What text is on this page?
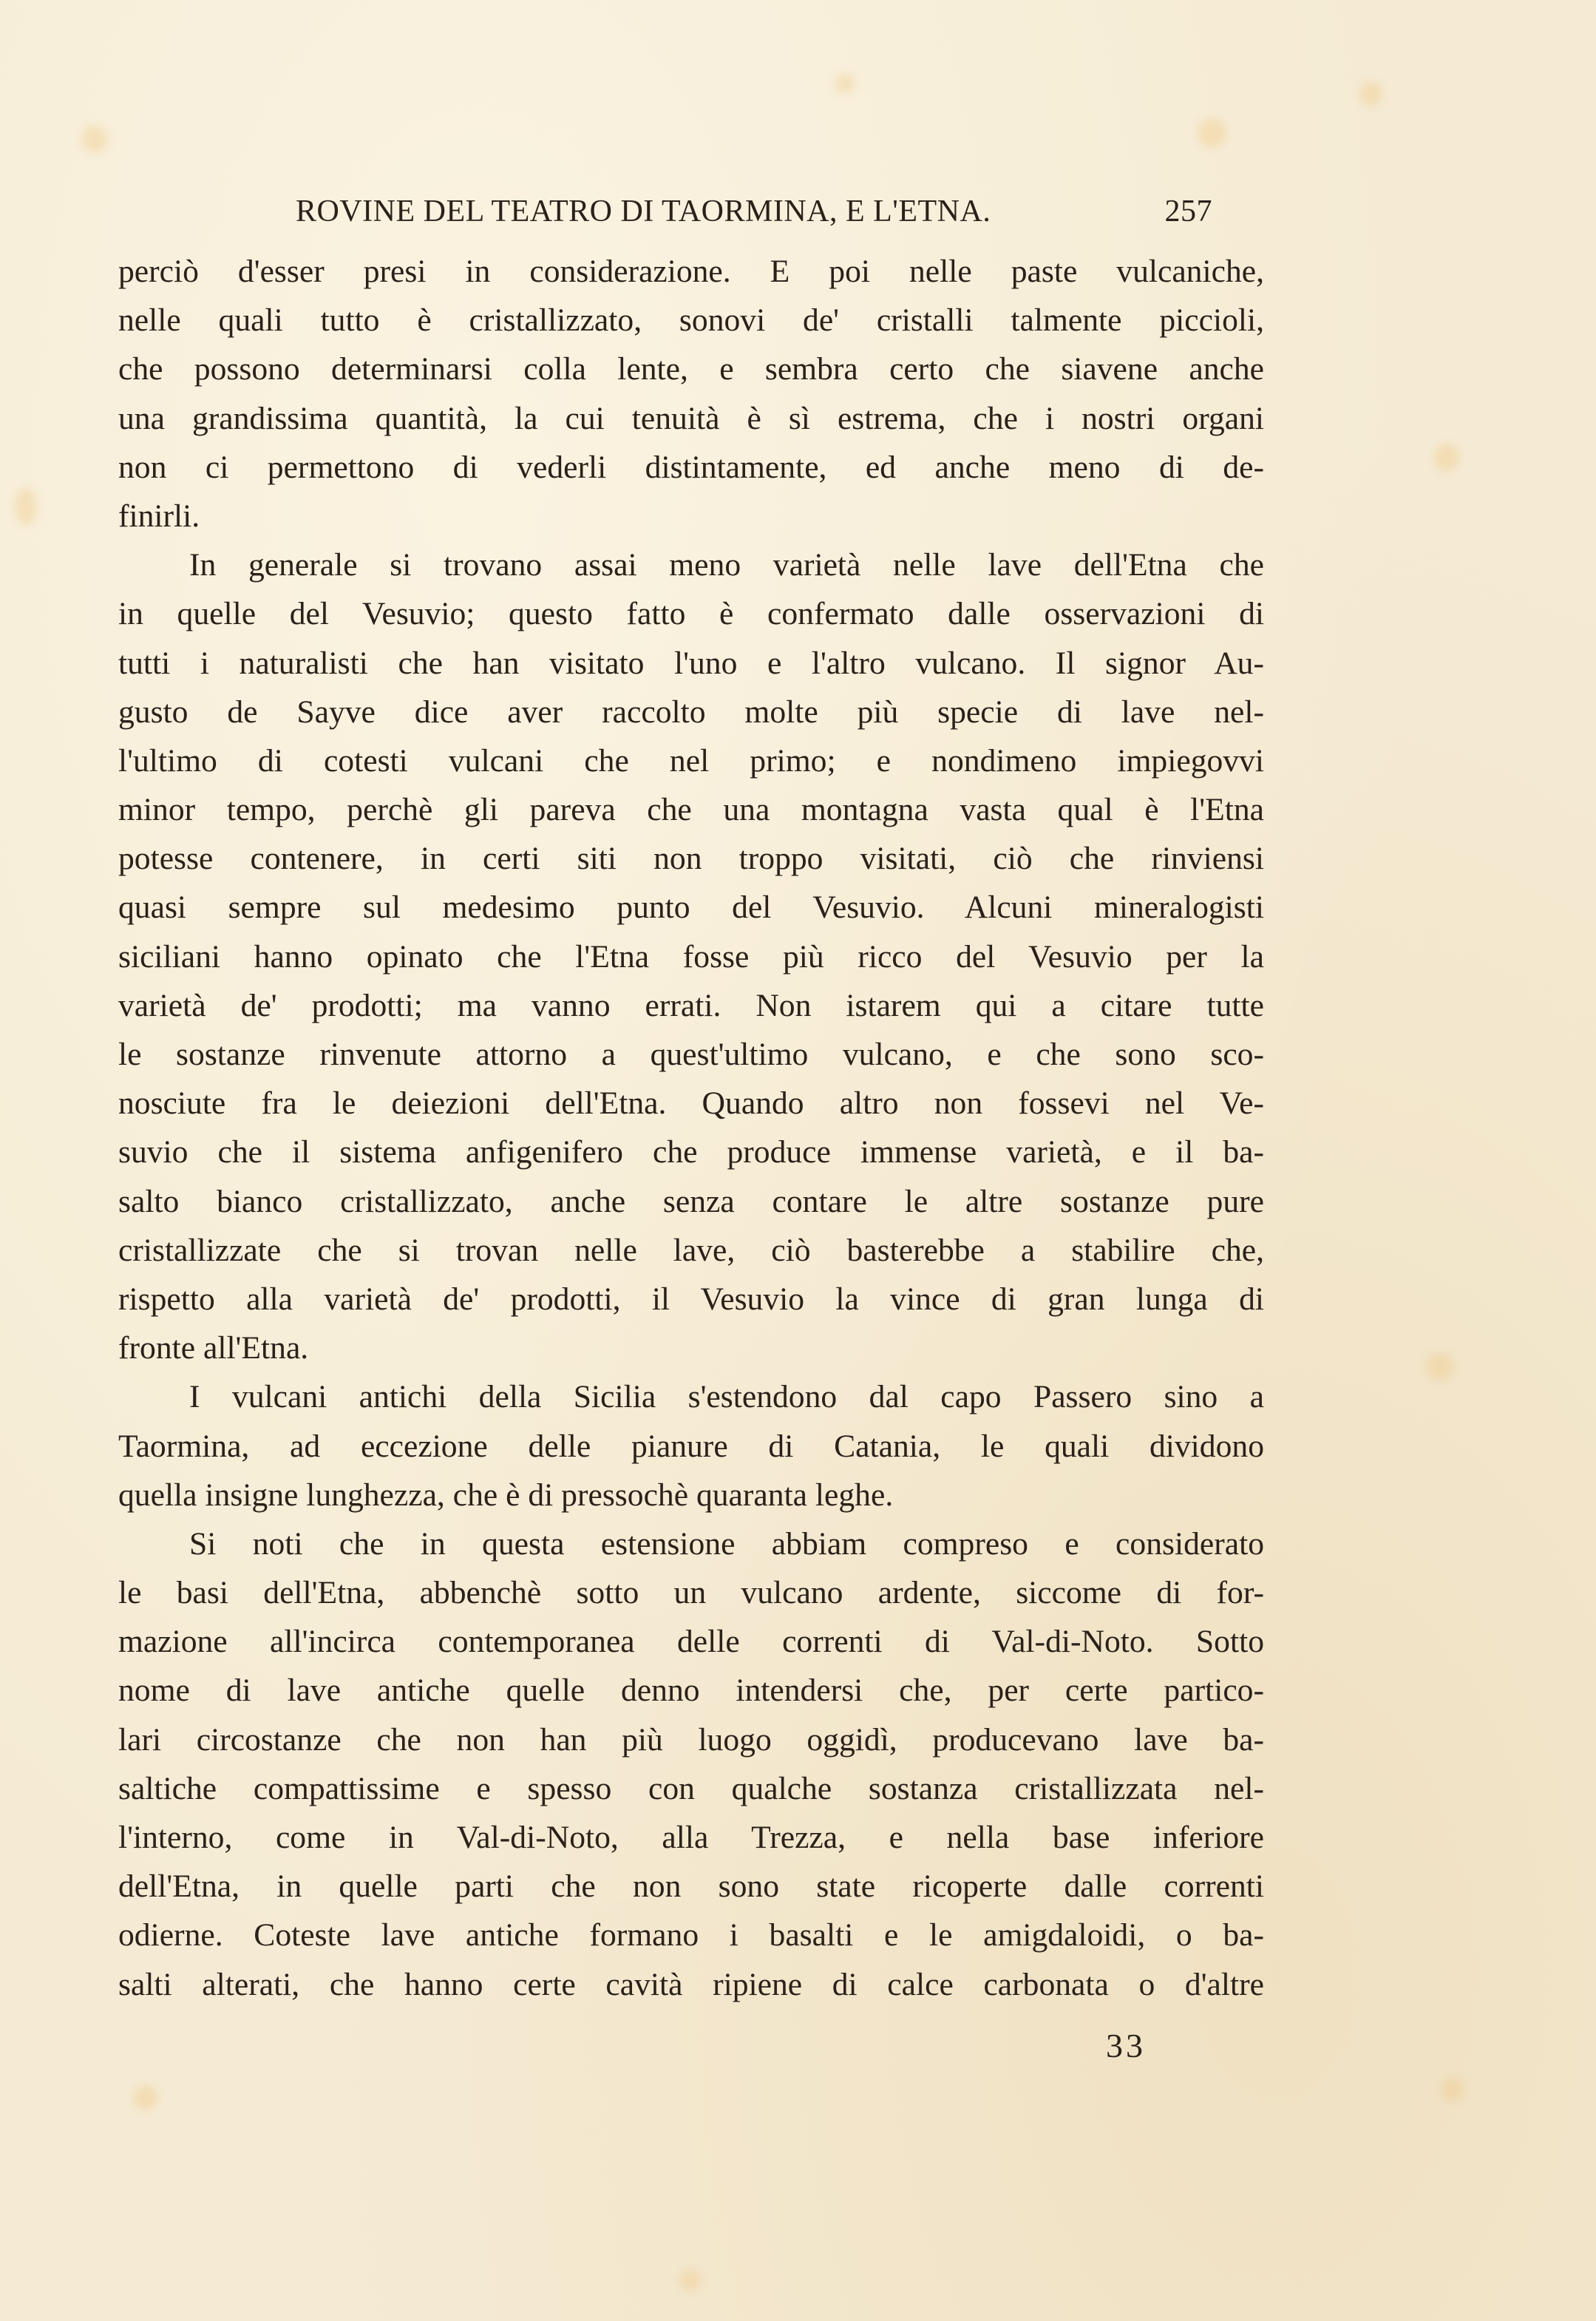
ROVINE DEL TEATRO DI TAORMINA, E L'ETNA.	257
perciò d'esser presi in considerazione. E poi nelle paste vulcaniche,
nelle quali tutto è cristallizzato, sonovi de' cristalli talmente piccioli,
che possono determinarsi colla lente, e sembra certo che siavene anche
una grandissima quantità, la cui tenuità è sì estrema, che i nostri organi
non ci permettono di vederli distintamente, ed anche meno di de-
finirli.
In generale si trovano assai meno varietà nelle lave dell'Etna che
in quelle del Vesuvio; questo fatto è confermato dalle osservazioni di
tutti i naturalisti che han visitato l'uno e l'altro vulcano. Il signor Au-
gusto de Sayve dice aver raccolto molte più specie di lave nel-
l'ultimo di cotesti vulcani che nel primo; e nondimeno impiegovvi
minor tempo, perchè gli pareva che una montagna vasta qual è l'Etna
potesse contenere, in certi siti non troppo visitati, ciò che rinviensi
quasi sempre sul medesimo punto del Vesuvio. Alcuni mineralogisti
siciliani hanno opinato che l'Etna fosse più ricco del Vesuvio per la
varietà de' prodotti; ma vanno errati. Non istarem qui a citare tutte
le sostanze rinvenute attorno a quest'ultimo vulcano, e che sono sco-
nosciute fra le deiezioni dell'Etna. Quando altro non fossevi nel Ve-
suvio che il sistema anfigenifero che produce immense varietà, e il ba-
salto bianco cristallizzato, anche senza contare le altre sostanze pure
cristallizzate che si trovan nelle lave, ciò basterebbe a stabilire che,
rispetto alla varietà de' prodotti, il Vesuvio la vince di gran lunga di
fronte all'Etna.
I vulcani antichi della Sicilia s'estendono dal capo Passero sino a
Taormina, ad eccezione delle pianure di Catania, le quali dividono
quella insigne lunghezza, che è di pressochè quaranta leghe.
Si noti che in questa estensione abbiam compreso e considerato
le basi dell'Etna, abbenchè sotto un vulcano ardente, siccome di for-
mazione all'incirca contemporanea delle correnti di Val-di-Noto. Sotto
nome di lave antiche quelle denno intendersi che, per certe partico-
lari circostanze che non han più luogo oggidì, producevano lave ba-
saltiche compattissime e spesso con qualche sostanza cristallizzata nel-
l'interno, come in Val-di-Noto, alla Trezza, e nella base inferiore
dell'Etna, in quelle parti che non sono state ricoperte dalle correnti
odierne. Coteste lave antiche formano i basalti e le amigdaloidi, o ba-
salti alterati, che hanno certe cavità ripiene di calce carbonata o d'altre
33
